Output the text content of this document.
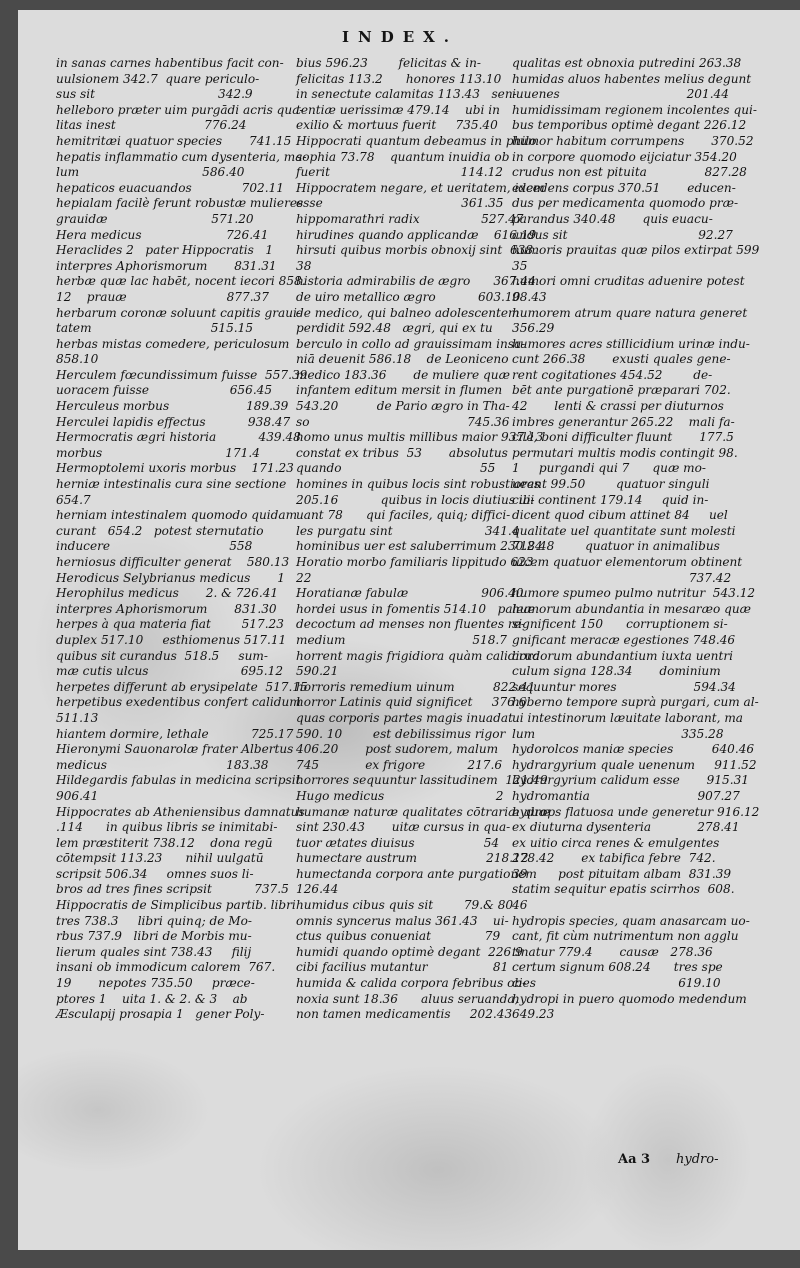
INDEX.
in sanas carnes habentibus facit con-
uulsionem 342.7  quare periculo-
sus sit                                342.9
helleboro præter uim purgādi acris qua-
litas inest                       776.24
hemitritæi quatuor species       741.15
hepatis inflammatio cum dysenteria, ma-
lum                                586.40
hepaticos euacuandos             702.11
hepialam facilè ferunt robustæ mulieres
grauidæ                           571.20
Hera medicus                      726.41
Heraclides 2   pater Hippocratis   1
interpres Aphorismorum       831.31
herbæ quæ lac habēt, nocent iecori 858.
12    prauæ                          877.37
herbarum coronæ soluunt capitis graui-
tatem                               515.15
herbas mistas comedere, periculosum
858.10
Herculem fœcundissimum fuisse  557.39
uoracem fuisse                     656.45
Herculeus morbus                    189.39
Herculei lapidis effectus           938.47
Hermocratis ægri historia           439.48
morbus                                171.4
Hermoptolemi uxoris morbus    171.23
herniæ intestinalis cura sine sectione
654.7
herniam intestinalem quomodo quidam
curant   654.2   potest sternutatio
inducere                               558
herniosus difficulter generat    580.13
Herodicus Selybrianus medicus       1
Herophilus medicus       2. & 726.41
interpres Aphorismorum       831.30
herpes à qua materia fiat        517.23
duplex 517.10     esthiomenus 517.11
quibus sit curandus  518.5     sum-
mæ cutis ulcus                        695.12
herpetes differunt ab erysipelate  517.15
herpetibus exedentibus confert calidum
511.13
hiantem dormire, lethale           725.17
Hieronymi Sauonarolæ frater Albertus
medicus                               183.38
Hildegardis fabulas in medicina scripsit
906.41
Hippocrates ab Atheniensibus damnatus
.114      in quibus libris se inimitabi-
lem præstiterit 738.12    dona regū
cōtempsit 113.23      nihil uulgatū
scripsit 506.34     omnes suos li-
bros ad tres fines scripsit           737.5
Hippocratis de Simplicibus partib. libri
tres 738.3     libri quinq; de Mo-
rbus 737.9   libri de Morbis mu-
lierum quales sint 738.43     filij
insani ob immodicum calorem  767.
19       nepotes 735.50     præce-
ptores 1    uita 1. & 2. & 3    ab
Æsculapij prosapia 1   gener Poly-
bius 596.23        felicitas & in-
felicitas 113.2      honores 113.10
in senectute calamitas 113.43   sen-
tentiæ uerissimæ 479.14    ubi in
exilio & mortuus fuerit     735.40
Hippocrati quantum debeamus in philo
sophia 73.78    quantum inuidia ob
fuerit                                  114.12
Hippocratem negare, et ueritatem, idem
esse                                    361.35
hippomarathri radix                527.47
hirudines quando applicandæ    616.19
hirsuti quibus morbis obnoxij sint  638.
38
historia admirabilis de ægro      367.44
de uiro metallico ægro           603.10
de medico, qui balneo adolescentem
perdidit 592.48   ægri, qui ex tu
berculo in collo ad grauissimam insa-
niā deuenit 586.18    de Leoniceno
medico 183.36       de muliere quæ
infantem editum mersit in flumen
543.20          de Pario ægro in Tha-
so                                         745.36
homo unus multis millibus maior 937.13
constat ex tribus  53       absolutus
quando                                    55
homines in quibus locis sint robustiores
205.16           quibus in locis diutius ui-
uant 78      qui faciles, quiq; diffici-
les purgatu sint                        341.4
hominibus uer est saluberrimum 230.24
Horatio morbo familiaris lippitudo 623.
22
Horatianæ fabulæ                   906.40
hordei usus in fomentis 514.10   paleæ
decoctum ad menses non fluentes re-
medium                                 518.7
horrent magis frigidiora quàm calidiora
590.21
horroris remedium uinum          822.41
horror Latinis quid significet     376.6
quas corporis partes magis inuadat
590. 10        est debilissimus rigor
406.20       post sudorem, malum
745            ex frigore           217.6
horrores sequuntur lassitudinem  121.49
Hugo medicus                             2
humanæ naturæ qualitates cōtrariæ quæ
sint 230.43       uitæ cursus in qua-
tuor ætates diuisus                  54
humectare austrum                  218.12
humectanda corpora ante purgationem
126.44
humidus cibus quis sit        79.& 80
omnis syncerus malus 361.43    ui-
ctus quibus conueniat              79
humidi quando optimè degant  226.9
cibi facilius mutantur                 81
humida & calida corpora febribus ob-
noxia sunt 18.36      aluus seruanda,
non tamen medicamentis     202.43
qualitas est obnoxia putredini 263.38
humidas aluos habentes melius degunt
iuuenes                                 201.44
humidissimam regionem incolentes qui-
bus temporibus optimè degant 226.12
humor habitum corrumpens       370.52
in corpore quomodo eijciatur 354.20
crudus non est pituita               827.28
excedens corpus 370.51       educen-
dus per medicamenta quomodo præ-
parandus 340.48       quis euacu-
andus sit                                  92.27
humoris prauitas quæ pilos extirpat 599
35
humori omni cruditas aduenire potest
98.43
humorem atrum quare natura generet
356.29
humores acres stillicidium urinæ indu-
cunt 266.38       exusti quales gene-
rent cogitationes 454.52        de-
bēt ante purgationē præparari 702.
42       lenti & crassi per diuturnos
imbres generantur 265.22    mali fa-
cilè, boni difficulter fluunt       177.5
permutari multis modis contingit 98.
1     purgandi qui 7      quæ mo-
ueant 99.50        quatuor singuli
cibi continent 179.14     quid in-
dicent quod cibum attinet 84     uel
qualitate uel quantitate sunt molesti
718.48        quatuor in animalibus
uicem quatuor elementorum obtinent
737.42
humore spumeo pulmo nutritur  543.12
humorum abundantia in mesaræo quæ
significent 150      corruptionem si-
gnificant meracæ egestiones 748.46
crudorum abundantium iuxta uentri
culum signa 128.34       dominium
sequuntur mores                    594.34
hyberno tempore suprà purgari, cum al-
ui intestinorum læuitate laborant, ma
lum                                      335.28
hydorolcos maniæ species          640.46
hydrargyrium quale uenenum     911.52
hydrargyrium calidum esse       915.31
hydromantia                            907.27
hydrops flatuosa unde generetur 916.12
ex diuturna dysenteria            278.41
ex uitio circa renes & emulgentes
278.42       ex tabifica febre  742.
39        post pituitam albam  831.39
statim sequitur epatis scirrhos  608.
46
hydropis species, quam anasarcam uo-
cant, fit cùm nutrimentum non agglu
tinatur 779.4       causæ   278.36
certum signum 608.24      tres spe
cies                                     619.10
hydropi in puero quomodo medendum
649.23
Aa 3 hydro-
